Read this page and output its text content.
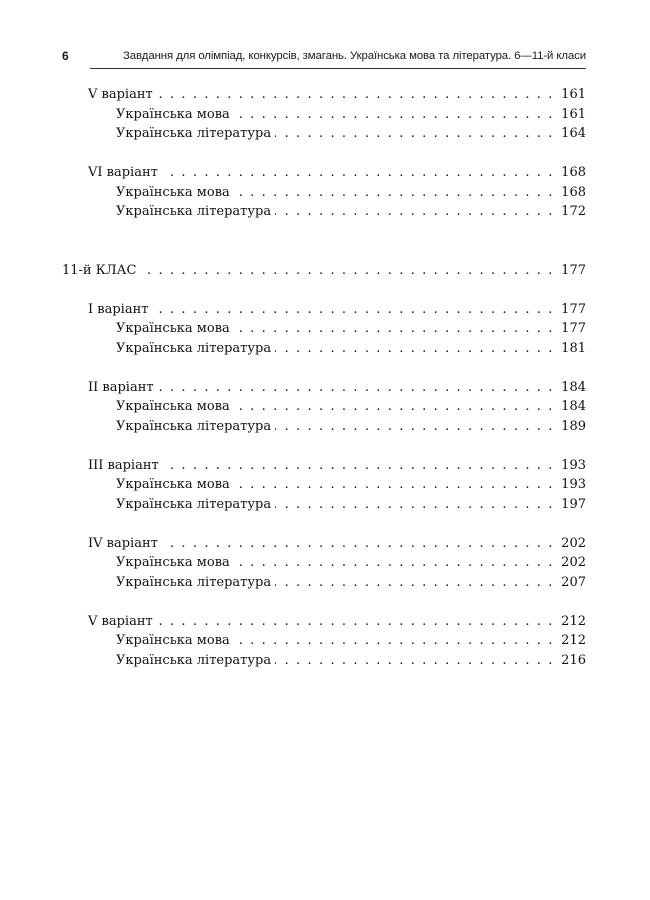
6	Завдання для олімпіад, конкурсів, змагань. Українська мова та література. 6—11-й класи
V варіант . . .	161
Українська мова . . .	161
Українська література . . .	164
VI варіант . . .	168
Українська мова . . .	168
Українська література . . .	172
11-й КЛАС . . .	177
I варіант . . .	177
Українська мова . . .	177
Українська література . . .	181
II варіант . . .	184
Українська мова . . .	184
Українська література . . .	189
III варіант . . .	193
Українська мова . . .	193
Українська література . . .	197
IV варіант . . .	202
Українська мова . . .	202
Українська література . . .	207
V варіант . . .	212
Українська мова . . .	212
Українська література . . .	216
